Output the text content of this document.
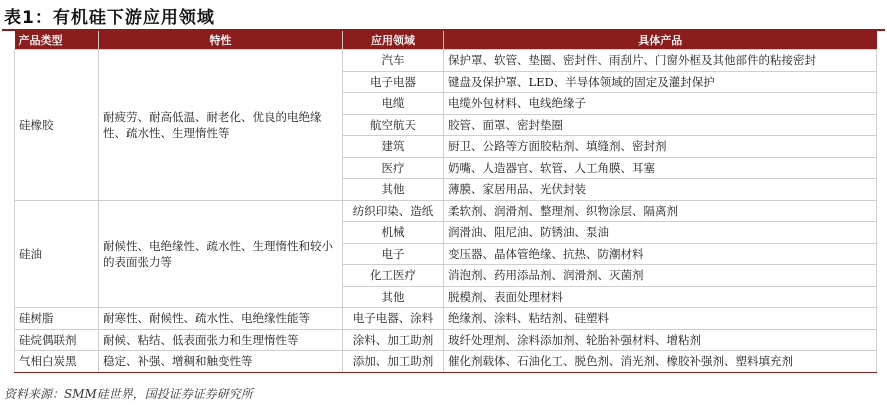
表1：有机硅下游应用领域
产品类型	特性	应用领域	具体产品
硅橡胶	耐疲劳、耐高低温、耐老化、优良的电绝缘性、疏水性、生理惰性等	汽车	保护罩、软管、垫圈、密封件、雨刮片、门窗外框及其他部件的粘接密封
		电子电器	键盘及保护罩、LED、半导体领域的固定及灌封保护
		电缆	电缆外包材料、电线绝缘子
		航空航天	胶管、面罩、密封垫圈
		建筑	厨卫、公路等方面胶粘剂、填缝剂、密封剂
		医疗	奶嘴、人造器官、软管、人工角膜、耳塞
		其他	薄膜、家居用品、光伏封装
硅油	耐候性、电绝缘性、疏水性、生理惰性和较小的表面张力等	纺织印染、造纸	柔软剂、润滑剂、整理剂、织物涂层、隔离剂
		机械	润滑油、阻尼油、防锈油、泵油
		电子	变压器、晶体管绝缘、抗热、防潮材料
		化工医疗	消泡剂、药用添品剂、润滑剂、灭菌剂
		其他	脱模剂、表面处理材料
硅树脂	耐寒性、耐候性、疏水性、电绝缘性能等	电子电器、涂料	绝缘剂、涂料、粘结剂、硅塑料
硅烷偶联剂	耐候、粘结、低表面张力和生理惰性等	涂料、加工助剂	玻纤处理剂、涂料添加剂、轮胎补强材料、增粘剂
气相白炭黑	稳定、补强、增稠和触变性等	添加、加工助剂	催化剂载体、石油化工、脱色剂、消光剂、橡胶补强剂、塑料填充剂
资料来源：SMM硅世界，国投证券证券研究所
